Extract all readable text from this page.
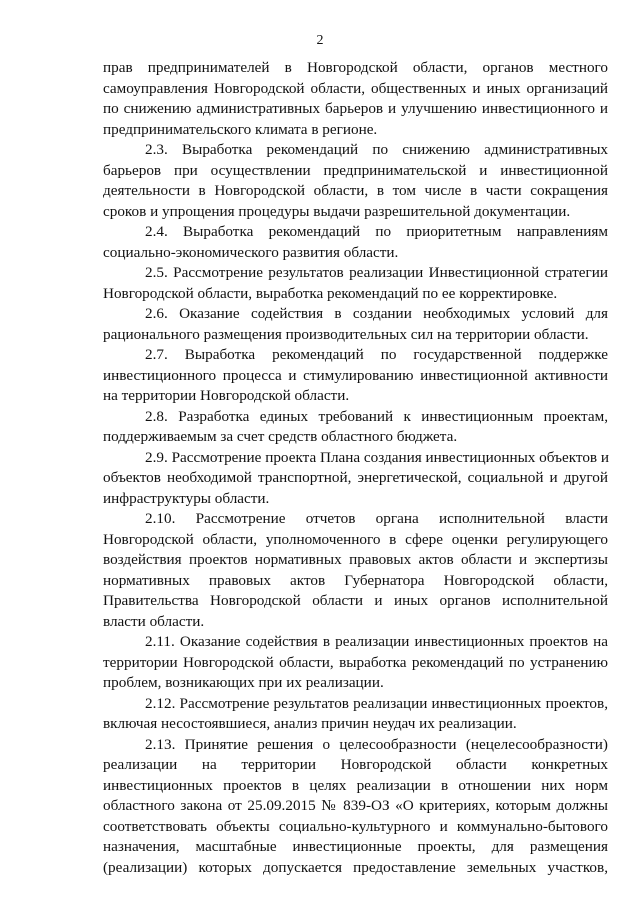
2
прав предпринимателей в Новгородской области, органов местного
самоуправления Новгородской области, общественных и иных организаций
по снижению административных барьеров и улучшению инвестиционного и
предпринимательского климата в регионе.
2.3. Выработка рекомендаций по снижению административных
барьеров при осуществлении предпринимательской и инвестиционной
деятельности в Новгородской области, в том числе в части сокращения
сроков и упрощения процедуры выдачи разрешительной документации.
2.4. Выработка рекомендаций по приоритетным направлениям
социально-экономического развития области.
2.5. Рассмотрение результатов реализации Инвестиционной стратегии
Новгородской области, выработка рекомендаций по ее корректировке.
2.6. Оказание содействия в создании необходимых условий для
рационального размещения производительных сил на территории области.
2.7. Выработка рекомендаций по государственной поддержке
инвестиционного процесса и стимулированию инвестиционной активности
на территории Новгородской области.
2.8. Разработка единых требований к инвестиционным проектам,
поддерживаемым за счет средств областного бюджета.
2.9. Рассмотрение проекта Плана создания инвестиционных объектов и
объектов необходимой транспортной, энергетической, социальной и другой
инфраструктуры области.
2.10. Рассмотрение отчетов органа исполнительной власти
Новгородской области, уполномоченного в сфере оценки регулирующего
воздействия проектов нормативных правовых актов области и экспертизы
нормативных правовых актов Губернатора Новгородской области,
Правительства Новгородской области и иных органов исполнительной
власти области.
2.11. Оказание содействия в реализации инвестиционных проектов на
территории Новгородской области, выработка рекомендаций по устранению
проблем, возникающих при их реализации.
2.12. Рассмотрение результатов реализации инвестиционных проектов,
включая несостоявшиеся, анализ причин неудач их реализации.
2.13. Принятие решения о целесообразности (нецелесообразности)
реализации на территории Новгородской области конкретных
инвестиционных проектов в целях реализации в отношении них норм
областного закона от 25.09.2015 № 839-ОЗ «О критериях, которым должны
соответствовать объекты социально-культурного и коммунально-бытового
назначения, масштабные инвестиционные проекты, для размещения
(реализации) которых допускается предоставление земельных участков,
